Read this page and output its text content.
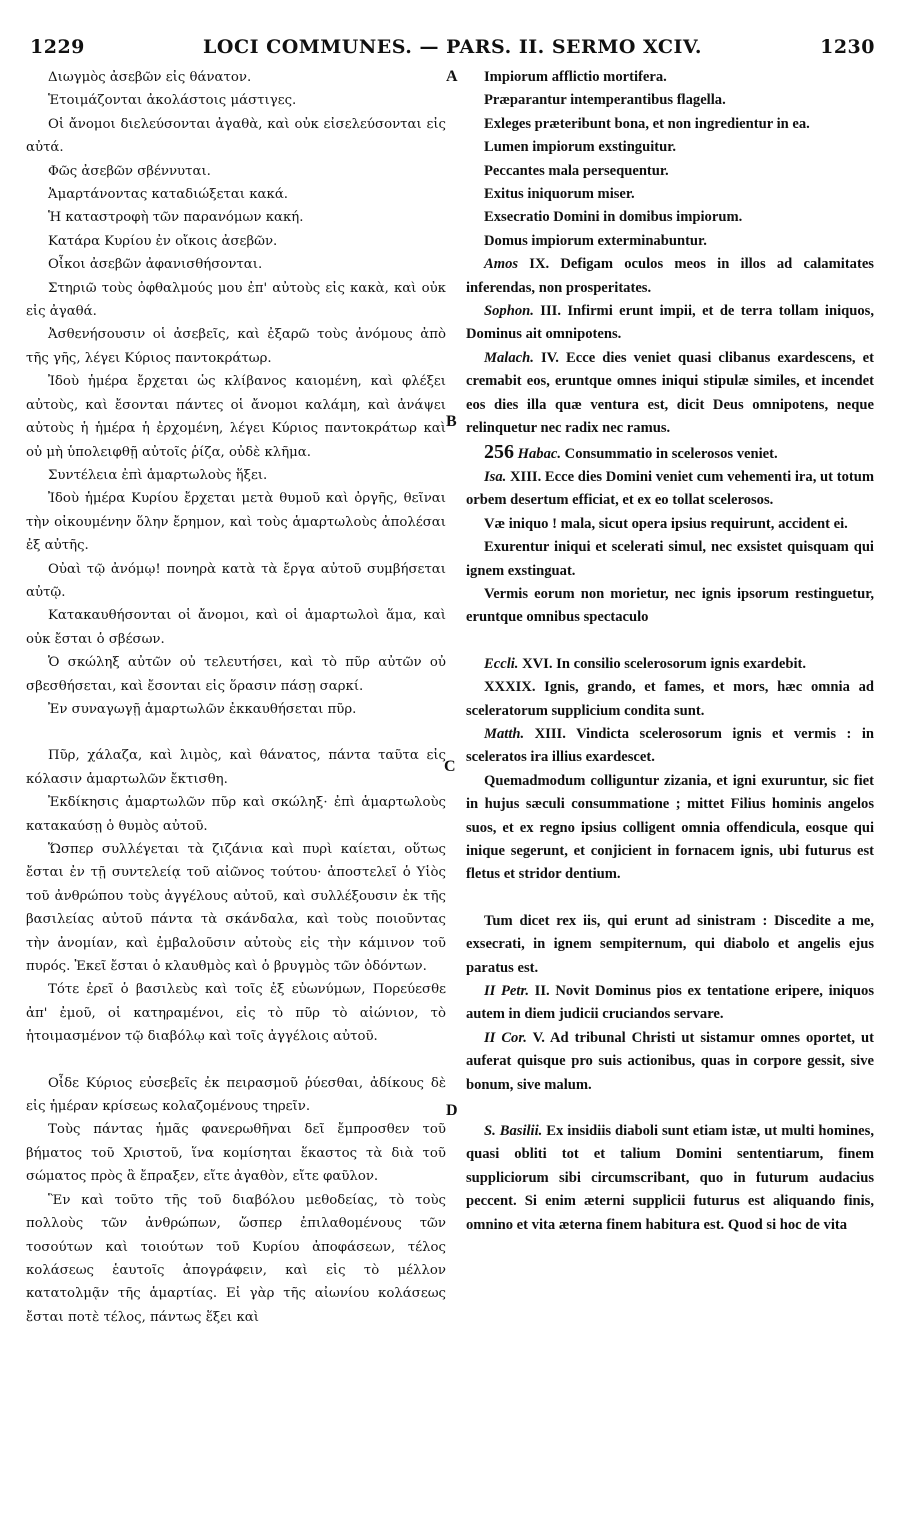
1229	LOCI COMMUNES. — PARS. II. SERMO XCIV.	1230

Διωγμὸς ἀσεβῶν εἰς θάνατον.

Ἑτοιμάζονται ἀκολάστοις μάστιγες.

Οἱ ἄνομοι διελεύσονται ἀγαθὰ, καὶ οὐκ εἰσελεύσονται εἰς αὐτά.

Φῶς ἀσεβῶν σβέννυται.

Ἁμαρτάνοντας καταδιώξεται κακά.

Ἡ καταστροφὴ τῶν παρανόμων κακή.

Κατάρα Κυρίου ἐν οἴκοις ἀσεβῶν.

Οἶκοι ἀσεβῶν ἀφανισθήσονται.

Στηριῶ τοὺς ὀφθαλμούς μου ἐπ' αὐτοὺς εἰς κακὰ, καὶ οὐκ εἰς ἀγαθά.

Ἀσθενήσουσιν οἱ ἀσεβεῖς, καὶ ἐξαρῶ τοὺς ἀνόμους ἀπὸ τῆς γῆς, λέγει Κύριος παντοκράτωρ.

Ἰδοὺ ἡμέρα ἔρχεται ὡς κλίβανος καιομένη, καὶ φλέξει αὐτοὺς, καὶ ἔσονται πάντες οἱ ἄνομοι καλάμη, καὶ ἀνάψει αὐτοὺς ἡ ἡμέρα ἡ ἐρχομένη, λέγει Κύριος παντοκράτωρ καὶ οὐ μὴ ὑπολειφθῇ αὐτοῖς ῥίζα, οὐδὲ κλῆμα.

Συντέλεια ἐπὶ ἁμαρτωλοὺς ἥξει.

Ἰδοὺ ἡμέρα Κυρίου ἔρχεται μετὰ θυμοῦ καὶ ὀργῆς, θεῖναι τὴν οἰκουμένην ὅλην ἔρημον, καὶ τοὺς ἁμαρτωλοὺς ἀπολέσαι ἐξ αὐτῆς.

Οὐαὶ τῷ ἀνόμῳ! πονηρὰ κατὰ τὰ ἔργα αὐτοῦ συμβήσεται αὐτῷ.

Κατακαυθήσονται οἱ ἄνομοι, καὶ οἱ ἁμαρτωλοὶ ἅμα, καὶ οὐκ ἔσται ὁ σβέσων.

Ὁ σκώληξ αὐτῶν οὐ τελευτήσει, καὶ τὸ πῦρ αὐτῶν οὐ σβεσθήσεται, καὶ ἔσονται εἰς ὅρασιν πάσῃ σαρκί.

Ἐν συναγωγῇ ἁμαρτωλῶν ἐκκαυθήσεται πῦρ.

Πῦρ, χάλαζα, καὶ λιμὸς, καὶ θάνατος, πάντα ταῦτα εἰς κόλασιν ἁμαρτωλῶν ἔκτισθη.

Ἐκδίκησις ἁμαρτωλῶν πῦρ καὶ σκώληξ· ἐπὶ ἁμαρτωλοὺς κατακαύσῃ ὁ θυμὸς αὐτοῦ.

Ὥσπερ συλλέγεται τὰ ζιζάνια καὶ πυρὶ καίεται, οὕτως ἔσται ἐν τῇ συντελείᾳ τοῦ αἰῶνος τούτου· ἀποστελεῖ ὁ Υἱὸς τοῦ ἀνθρώπου τοὺς ἀγγέλους αὐτοῦ, καὶ συλλέξουσιν ἐκ τῆς βασιλείας αὐτοῦ πάντα τὰ σκάνδαλα, καὶ τοὺς ποιοῦντας τὴν ἀνομίαν, καὶ ἐμβαλοῦσιν αὐτοὺς εἰς τὴν κάμινον τοῦ πυρός. Ἐκεῖ ἔσται ὁ κλαυθμὸς καὶ ὁ βρυγμὸς τῶν ὀδόντων.

Τότε ἐρεῖ ὁ βασιλεὺς καὶ τοῖς ἐξ εὐωνύμων, Πορεύεσθε ἀπ' ἐμοῦ, οἱ κατηραμένοι, εἰς τὸ πῦρ τὸ αἰώνιον, τὸ ἡτοιμασμένον τῷ διαβόλῳ καὶ τοῖς ἀγγέλοις αὐτοῦ.

Οἶδε Κύριος εὐσεβεῖς ἐκ πειρασμοῦ ῥύεσθαι, ἀδίκους δὲ εἰς ἡμέραν κρίσεως κολαζομένους τηρεῖν.

Τοὺς πάντας ἡμᾶς φανερωθῆναι δεῖ ἔμπροσθεν τοῦ βήματος τοῦ Χριστοῦ, ἵνα κομίσηται ἕκαστος τὰ διὰ τοῦ σώματος πρὸς ἃ ἔπραξεν, εἴτε ἀγαθὸν, εἴτε φαῦλον.

Ἓν καὶ τοῦτο τῆς τοῦ διαβόλου μεθοδείας, τὸ τοὺς πολλοὺς τῶν ἀνθρώπων, ὥσπερ ἐπιλαθομένους τῶν τοσούτων καὶ τοιούτων τοῦ Κυρίου ἀποφάσεων, τέλος κολάσεως ἑαυτοῖς ἀπογράφειν, καὶ εἰς τὸ μέλλον κατατολμᾷν τῆς ἁμαρτίας. Εἰ γὰρ τῆς αἰωνίου κολάσεως ἔσται ποτὲ τέλος, πάντως ἕξει καὶ

Impiorum afflictio mortifera.

Præparantur intemperantibus flagella.

Exleges præteribunt bona, et non ingredientur in ea.

Lumen impiorum exstinguitur.

Peccantes mala persequentur.

Exitus iniquorum miser.

Exsecratio Domini in domibus impiorum.

Domus impiorum exterminabuntur.

Amos IX. Defigam oculos meos in illos ad calamitates inferendas, non prosperitates.

Sophon. III. Infirmi erunt impii, et de terra tollam iniquos, Dominus ait omnipotens.

Malach. IV. Ecce dies veniet quasi clibanus exardescens, et cremabit eos, eruntque omnes iniqui stipulæ similes, et incendet eos dies illa quæ ventura est, dicit Deus omnipotens, neque relinquetur nec radix nec ramus.

256 Habac. Consummatio in scelerosos veniet.

Isa. XIII. Ecce dies Domini veniet cum vehementi ira, ut totum orbem desertum efficiat, et ex eo tollat scelerosos.

Væ iniquo ! mala, sicut opera ipsius requirunt, accident ei.

Exurentur iniqui et scelerati simul, nec exsistet quisquam qui ignem exstinguat.

Vermis eorum non morietur, nec ignis ipsorum restinguetur, eruntque omnibus spectaculo

Eccli. XVI. In consilio scelerosorum ignis exardebit.

XXXIX. Ignis, grando, et fames, et mors, hæc omnia ad sceleratorum supplicium condita sunt.

Matth. XIII. Vindicta scelerosorum ignis et vermis : in sceleratos ira illius exardescet.

Quemadmodum colliguntur zizania, et igni exuruntur, sic fiet in hujus sæculi consummatione ; mittet Filius hominis angelos suos, et ex regno ipsius colligent omnia offendicula, eosque qui inique segerunt, et conjicient in fornacem ignis, ubi futurus est fletus et stridor dentium.

Tum dicet rex iis, qui erunt ad sinistram : Discedite a me, exsecrati, in ignem sempiternum, qui diabolo et angelis ejus paratus est.

II Petr. II. Novit Dominus pios ex tentatione eripere, iniquos autem in diem judicii cruciandos servare.

II Cor. V. Ad tribunal Christi ut sistamur omnes oportet, ut auferat quisque pro suis actionibus, quas in corpore gessit, sive bonum, sive malum.

S. Basilii. Ex insidiis diaboli sunt etiam istæ, ut multi homines, quasi obliti tot et talium Domini sententiarum, finem suppliciorum sibi circumscribant, quo in futurum audacius peccent. Si enim æterni supplicii futurus est aliquando finis, omnino et vita æterna finem habitura est. Quod si hoc de vita

A
B
C
D
